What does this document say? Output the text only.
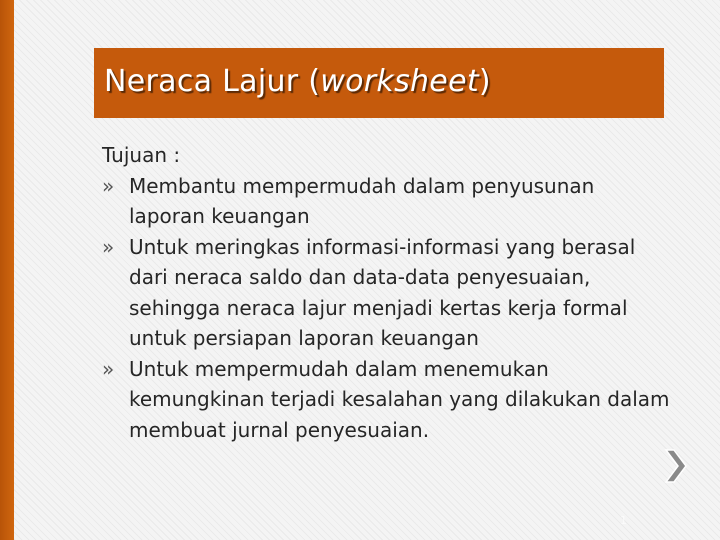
Neraca Lajur (worksheet)

Tujuan :

» Membantu mempermudah dalam penyusunan laporan keuangan
» Untuk meringkas informasi-informasi yang berasal dari neraca saldo dan data-data penyesuaian, sehingga neraca lajur menjadi kertas kerja formal untuk persiapan laporan keuangan
» Untuk mempermudah dalam menemukan kemungkinan terjadi kesalahan yang dilakukan dalam membuat jurnal penyesuaian.
1
